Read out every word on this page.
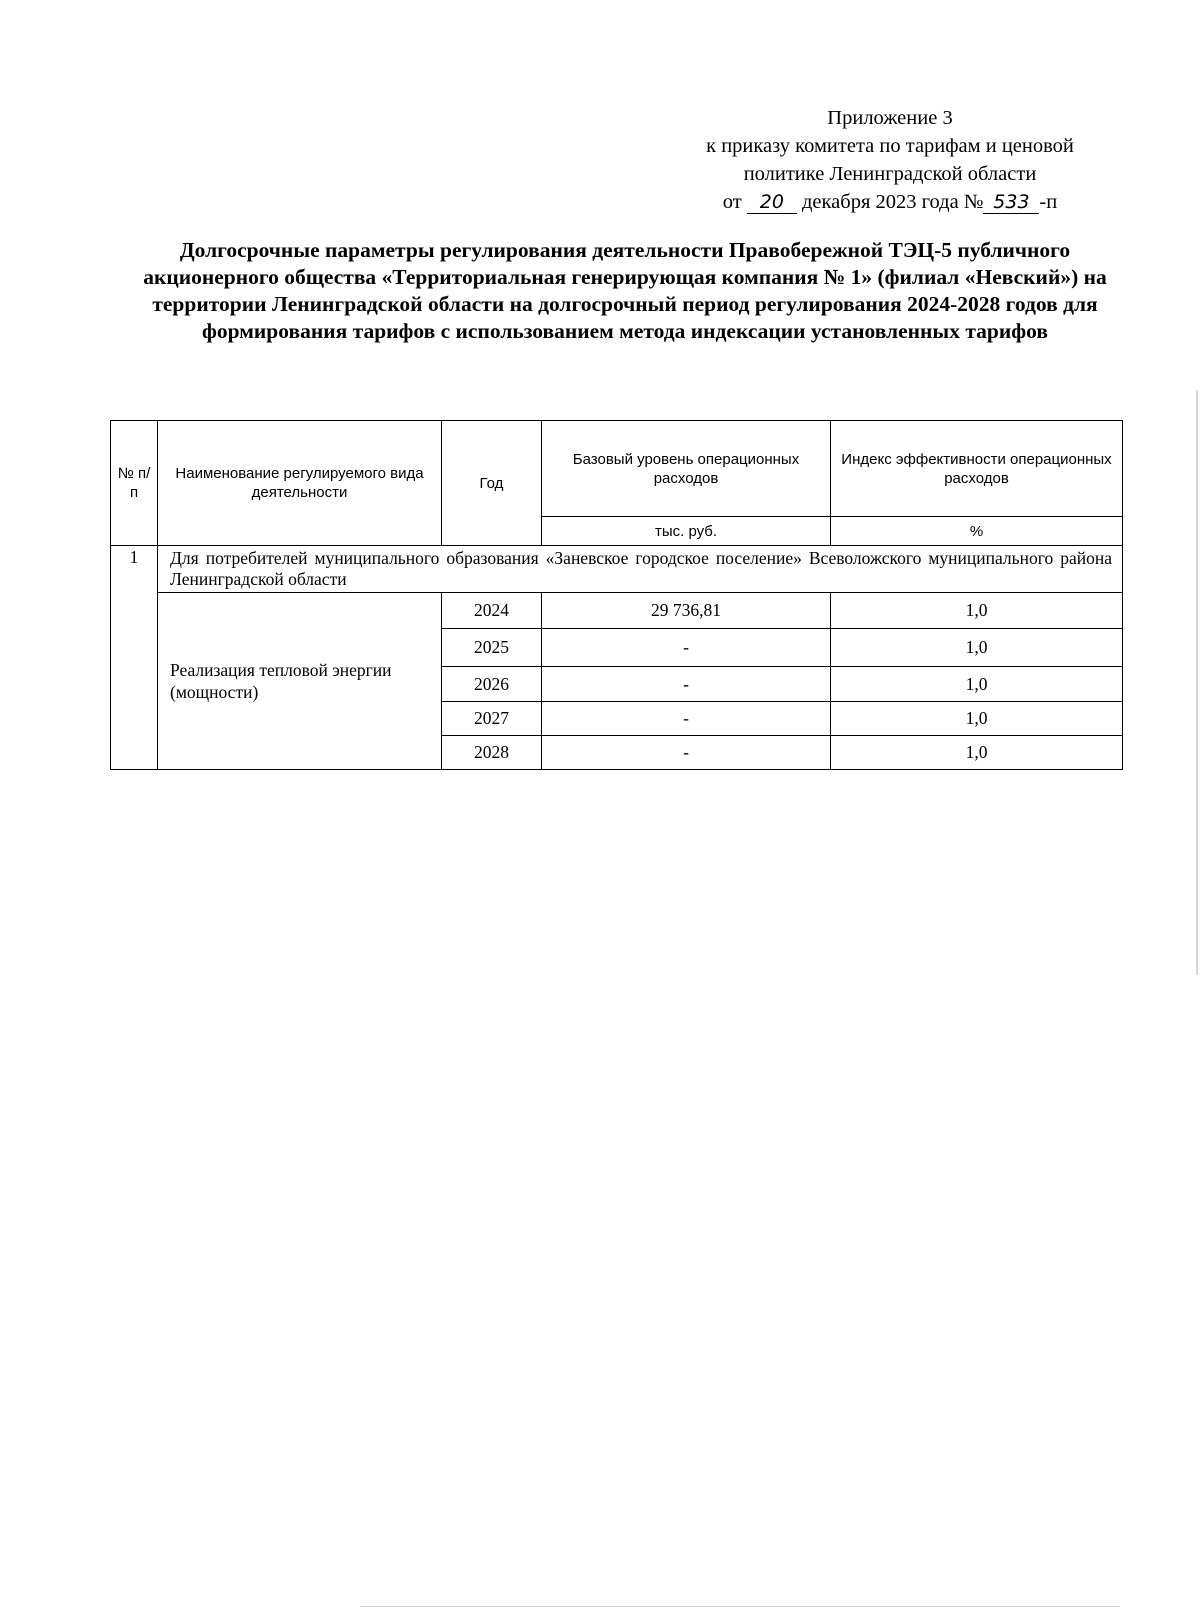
Приложение 3
к приказу комитета по тарифам и ценовой
политике Ленинградской области
от 20 декабря 2023 года № 533 -п
Долгосрочные параметры регулирования деятельности Правобережной ТЭЦ-5 публичного акционерного общества «Территориальная генерирующая компания № 1» (филиал «Невский») на территории Ленинградской области на долгосрочный период регулирования 2024-2028 годов для формирования тарифов с использованием метода индексации установленных тарифов
№ п/п	Наименование регулируемого вида деятельности	Год	Базовый уровень операционных расходов	Индекс эффективности операционных расходов
			тыс. руб.	%
1	Для потребителей муниципального образования «Заневское городское поселение» Всеволожского муниципального района Ленинградской области			
	Реализация тепловой энергии (мощности)	2024	29 736,81	1,0
		2025	-	1,0
		2026	-	1,0
		2027	-	1,0
		2028	-	1,0
